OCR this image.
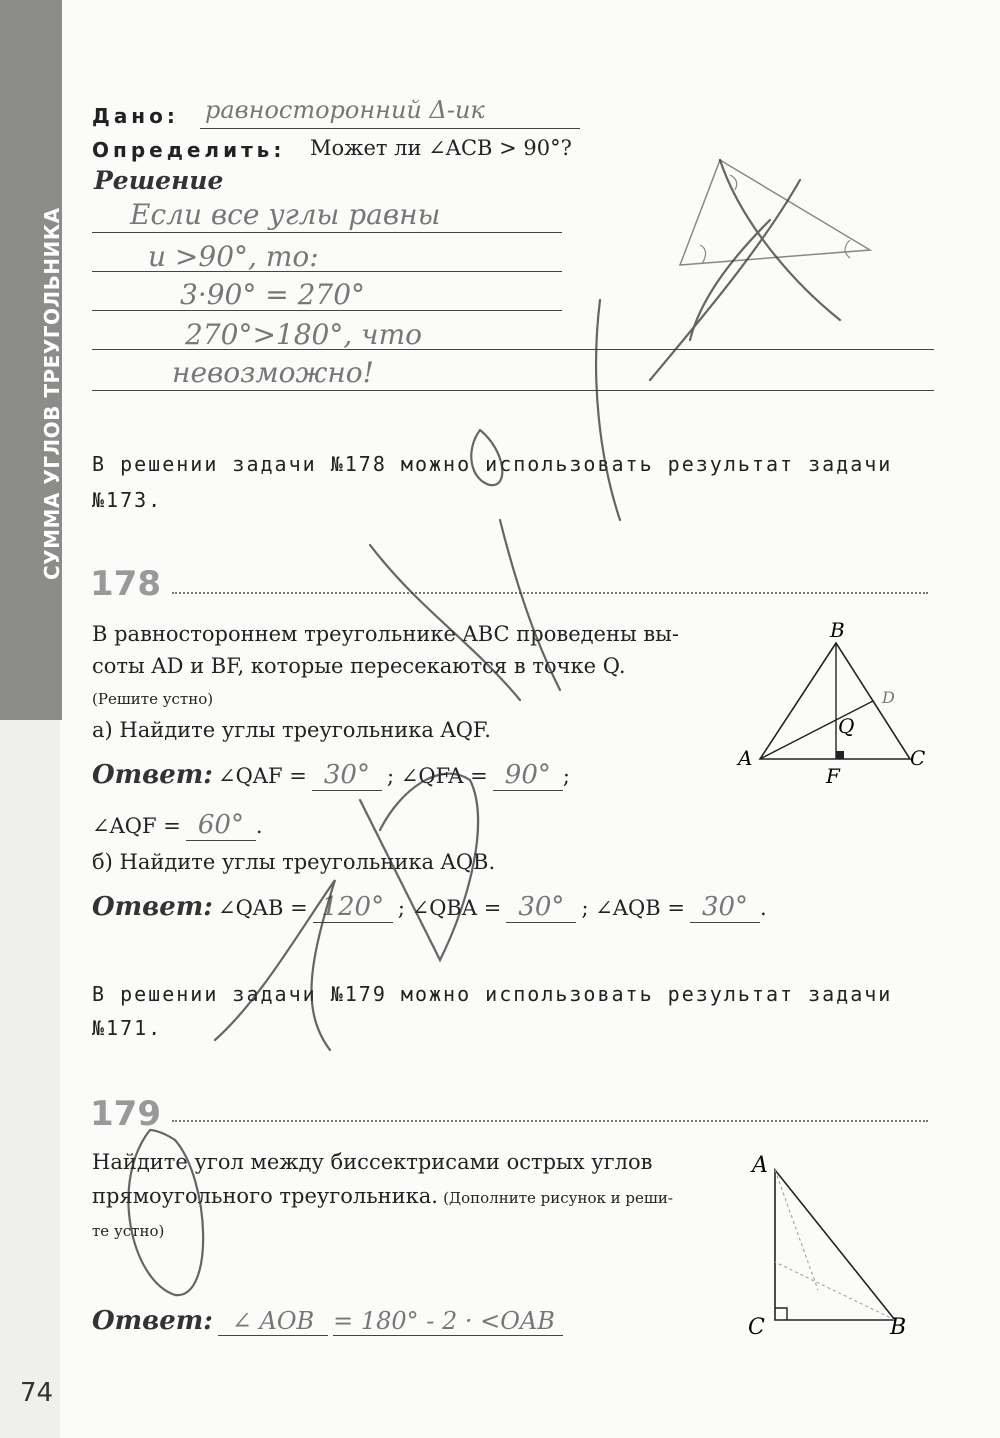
СУММА УГЛОВ ТРЕУГОЛЬНИКА
74
Дано: равносторонний Δ-ик
Определить: Может ли ∠ACB > 90°?
Решение
Если все углы равны
и >90°, то:
3·90° = 270°
270°>180°, что
невозможно!
В решении задачи №178 можно использовать результат задачи
№173.
178
В равностороннем треугольнике ABC проведены вы-
соты AD и BF, которые пересекаются в точке Q.
(Решите устно)
а) Найдите углы треугольника AQF.
Ответ: ∠QAF = 30° ; ∠QFA = 90° ;
∠AQF = 60° .
б) Найдите углы треугольника AQB.
Ответ: ∠QAB = 120° ; ∠QBA = 30° ; ∠AQB = 30° .
B
A	C
F
Q
D
В решении задачи №179 можно использовать результат задачи
№171.
179
Найдите угол между биссектрисами острых углов
прямоугольного треугольника. (Дополните рисунок и реши-
те устно)
Ответ: ∠ AOB = 180° - 2 · <OAB
A
C	B
